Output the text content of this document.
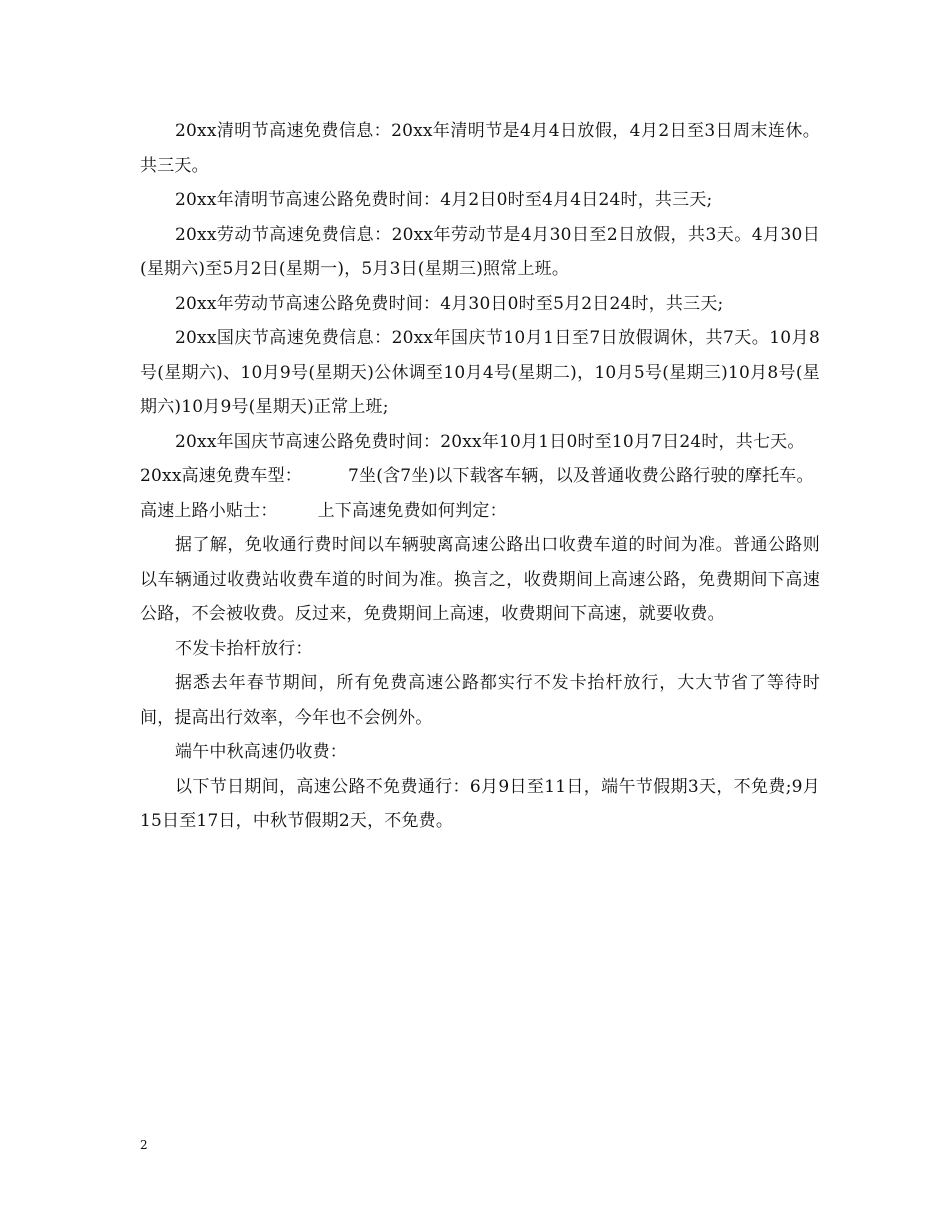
20xx清明节高速免费信息：20xx年清明节是4月4日放假，4月2日至3日周末连休。共三天。

20xx年清明节高速公路免费时间：4月2日0时至4月4日24时，共三天;

20xx劳动节高速免费信息：20xx年劳动节是4月30日至2日放假，共3天。4月30日(星期六)至5月2日(星期一)，5月3日(星期三)照常上班。

20xx年劳动节高速公路免费时间：4月30日0时至5月2日24时，共三天;

20xx国庆节高速免费信息：20xx年国庆节10月1日至7日放假调休，共7天。10月8号(星期六)、10月9号(星期天)公休调至10月4号(星期二)，10月5号(星期三)10月8号(星期六)10月9号(星期天)正常上班;

20xx年国庆节高速公路免费时间：20xx年10月1日0时至10月7日24时，共七天。

20xx高速免费车型：	7坐(含7坐)以下载客车辆，以及普通收费公路行驶的摩托车。

高速上路小贴士： 上下高速免费如何判定：

据了解，免收通行费时间以车辆驶离高速公路出口收费车道的时间为准。普通公路则以车辆通过收费站收费车道的时间为准。换言之，收费期间上高速公路，免费期间下高速公路，不会被收费。反过来，免费期间上高速，收费期间下高速，就要收费。

不发卡抬杆放行：

据悉去年春节期间，所有免费高速公路都实行不发卡抬杆放行，大大节省了等待时间，提高出行效率，今年也不会例外。

端午中秋高速仍收费：

以下节日期间，高速公路不免费通行：6月9日至11日，端午节假期3天，不免费;9月15日至17日，中秋节假期2天，不免费。

2
